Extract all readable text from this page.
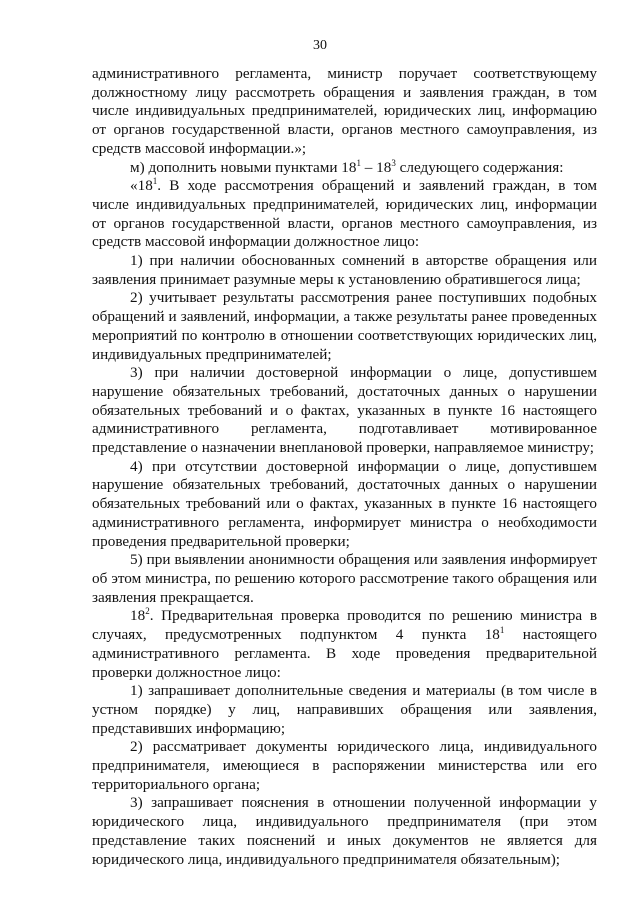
30

административного регламента, министр поручает соответствующему должностному лицу рассмотреть обращения и заявления граждан, в том числе индивидуальных предпринимателей, юридических лиц, информацию от органов государственной власти, органов местного самоуправления, из средств массовой информации.»;

м) дополнить новыми пунктами $18^1 - 18^3$ следующего содержания:

«$18^1$. В ходе рассмотрения обращений и заявлений граждан, в том числе индивидуальных предпринимателей, юридических лиц, информации от органов государственной власти, органов местного самоуправления, из средств массовой информации должностное лицо:

1) при наличии обоснованных сомнений в авторстве обращения или заявления принимает разумные меры к установлению обратившегося лица;

2) учитывает результаты рассмотрения ранее поступивших подобных обращений и заявлений, информации, а также результаты ранее проведенных мероприятий по контролю в отношении соответствующих юридических лиц, индивидуальных предпринимателей;

3) при наличии достоверной информации о лице, допустившем нарушение обязательных требований, достаточных данных о нарушении обязательных требований и о фактах, указанных в пункте 16 настоящего административного регламента, подготавливает мотивированное представление о назначении внеплановой проверки, направляемое министру;

4) при отсутствии достоверной информации о лице, допустившем нарушение обязательных требований, достаточных данных о нарушении обязательных требований или о фактах, указанных в пункте 16 настоящего административного регламента, информирует министра о необходимости проведения предварительной проверки;

5) при выявлении анонимности обращения или заявления информирует об этом министра, по решению которого рассмотрение такого обращения или заявления прекращается.

$18^2$. Предварительная проверка проводится по решению министра в случаях, предусмотренных подпунктом 4 пункта $18^1$ настоящего административного регламента. В ходе проведения предварительной проверки должностное лицо:

1) запрашивает дополнительные сведения и материалы (в том числе в устном порядке) у лиц, направивших обращения или заявления, представивших информацию;

2) рассматривает документы юридического лица, индивидуального предпринимателя, имеющиеся в распоряжении министерства или его территориального органа;

3) запрашивает пояснения в отношении полученной информации у юридического лица, индивидуального предпринимателя (при этом представление таких пояснений и иных документов не является для юридического лица, индивидуального предпринимателя обязательным);
